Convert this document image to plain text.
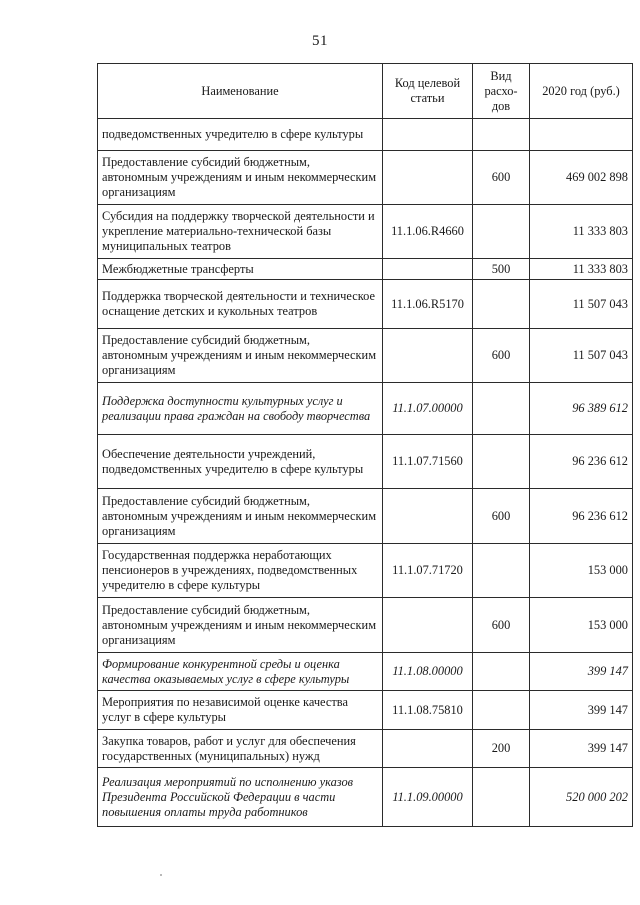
51
Наименование	Код целевой статьи	Вид расхо-дов	2020 год (руб.)
подведомственных учредителю в сфере культуры			
Предоставление субсидий бюджетным, автономным учреждениям и иным некоммерческим организациям		600	469 002 898
Субсидия на поддержку творческой деятельности и укрепление материально-технической базы муниципальных театров	11.1.06.R4660		11 333 803
Межбюджетные трансферты		500	11 333 803
Поддержка творческой деятельности и техническое оснащение детских и кукольных театров	11.1.06.R5170		11 507 043
Предоставление субсидий бюджетным, автономным учреждениям и иным некоммерческим организациям		600	11 507 043
Поддержка доступности культурных услуг и реализации права граждан на свободу творчества	11.1.07.00000		96 389 612
Обеспечение деятельности учреждений, подведомственных учредителю в сфере культуры	11.1.07.71560		96 236 612
Предоставление субсидий бюджетным, автономным учреждениям и иным некоммерческим организациям		600	96 236 612
Государственная поддержка неработающих пенсионеров в учреждениях, подведомственных учредителю в сфере культуры	11.1.07.71720		153 000
Предоставление субсидий бюджетным, автономным учреждениям и иным некоммерческим организациям		600	153 000
Формирование конкурентной среды и оценка качества оказываемых услуг в сфере культуры	11.1.08.00000		399 147
Мероприятия по независимой оценке качества услуг в сфере культуры	11.1.08.75810		399 147
Закупка товаров, работ и услуг для обеспечения государственных (муниципальных) нужд		200	399 147
Реализация мероприятий по исполнению указов Президента Российской Федерации в части повышения оплаты труда работников	11.1.09.00000		520 000 202
